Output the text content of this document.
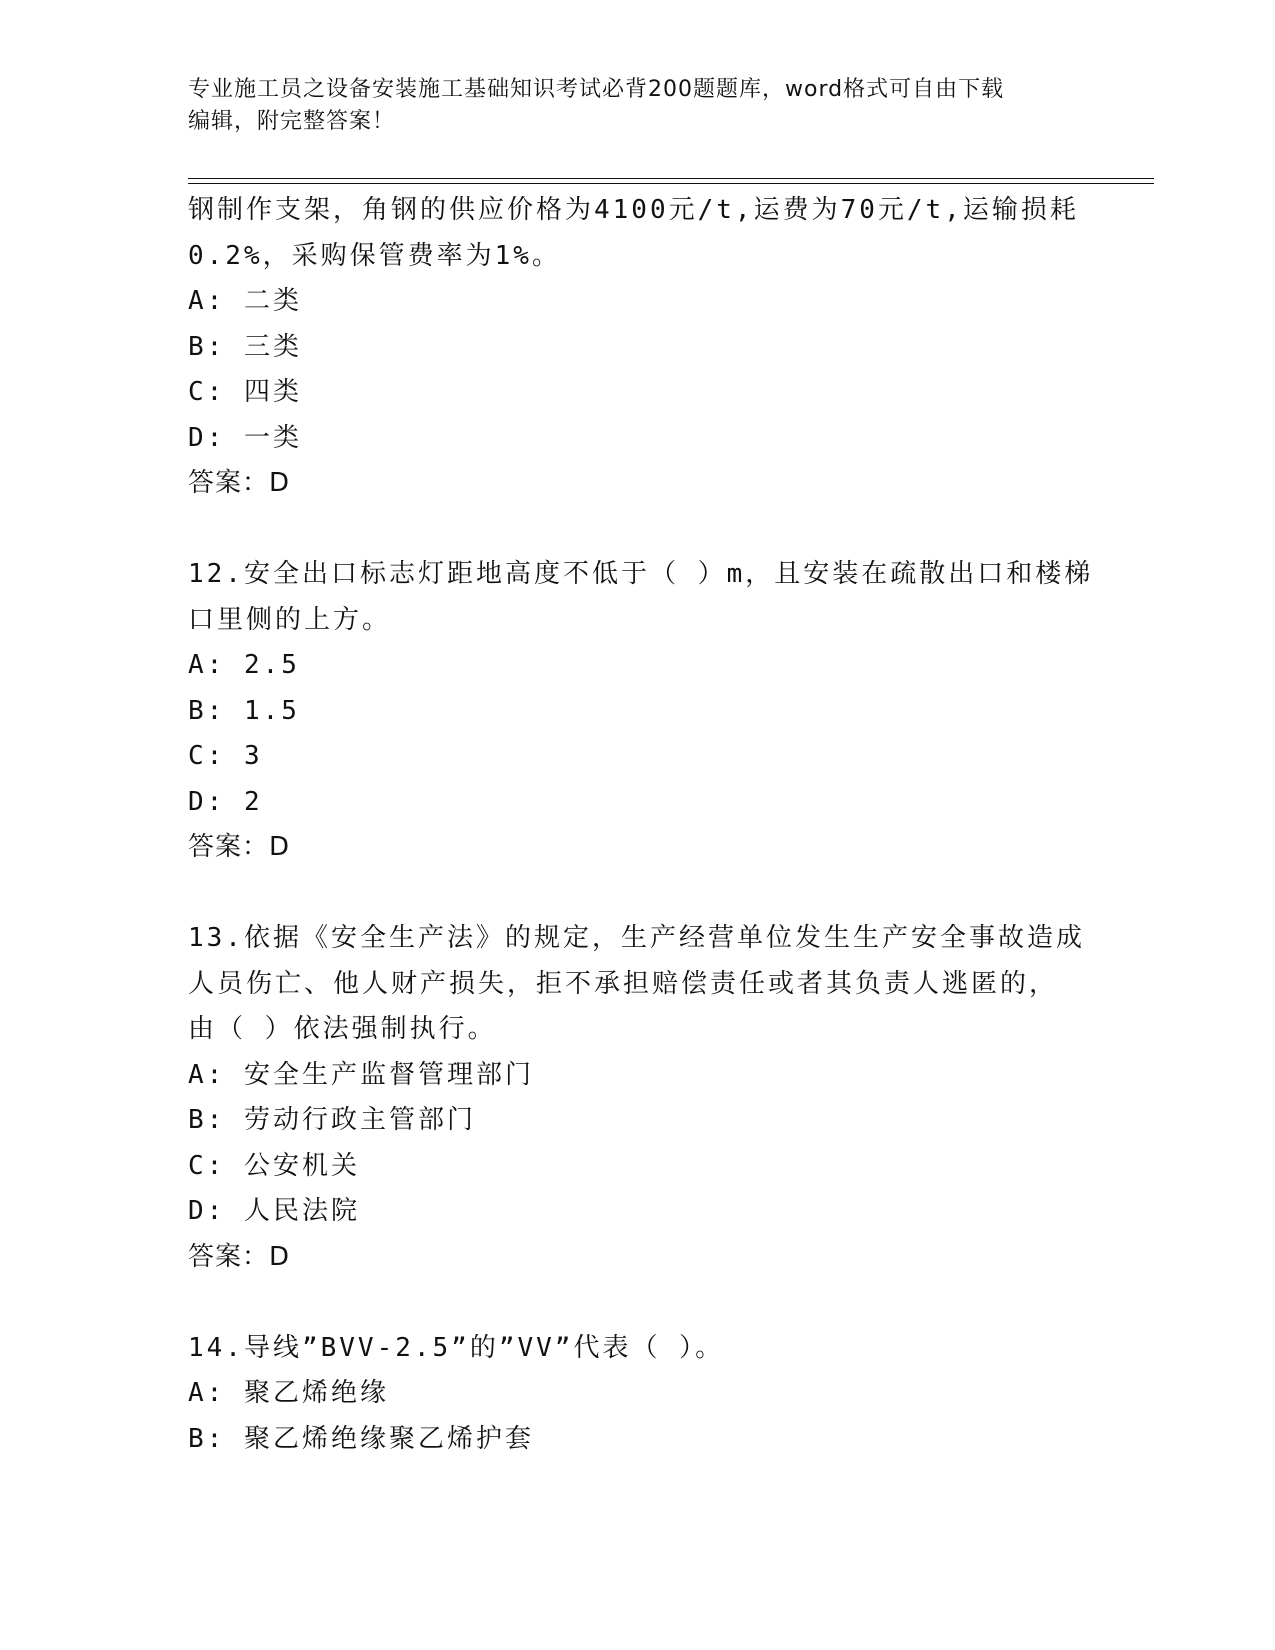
专业施工员之设备安装施工基础知识考试必背200题题库，word格式可自由下载
编辑，附完整答案！
钢制作支架，角钢的供应价格为4100元/t,运费为70元/t,运输损耗
0.2%，采购保管费率为1%。
A: 二类
B: 三类
C: 四类
D: 一类
答案：D
12.安全出口标志灯距地高度不低于（ ）m，且安装在疏散出口和楼梯
口里侧的上方。
A: 2.5
B: 1.5
C: 3
D: 2
答案：D
13.依据《安全生产法》的规定，生产经营单位发生生产安全事故造成
人员伤亡、他人财产损失，拒不承担赔偿责任或者其负责人逃匿的，
由（ ）依法强制执行。
A: 安全生产监督管理部门
B: 劳动行政主管部门
C: 公安机关
D: 人民法院
答案：D
14.导线”BVV-2.5”的”VV”代表（ ）。
A: 聚乙烯绝缘
B: 聚乙烯绝缘聚乙烯护套
